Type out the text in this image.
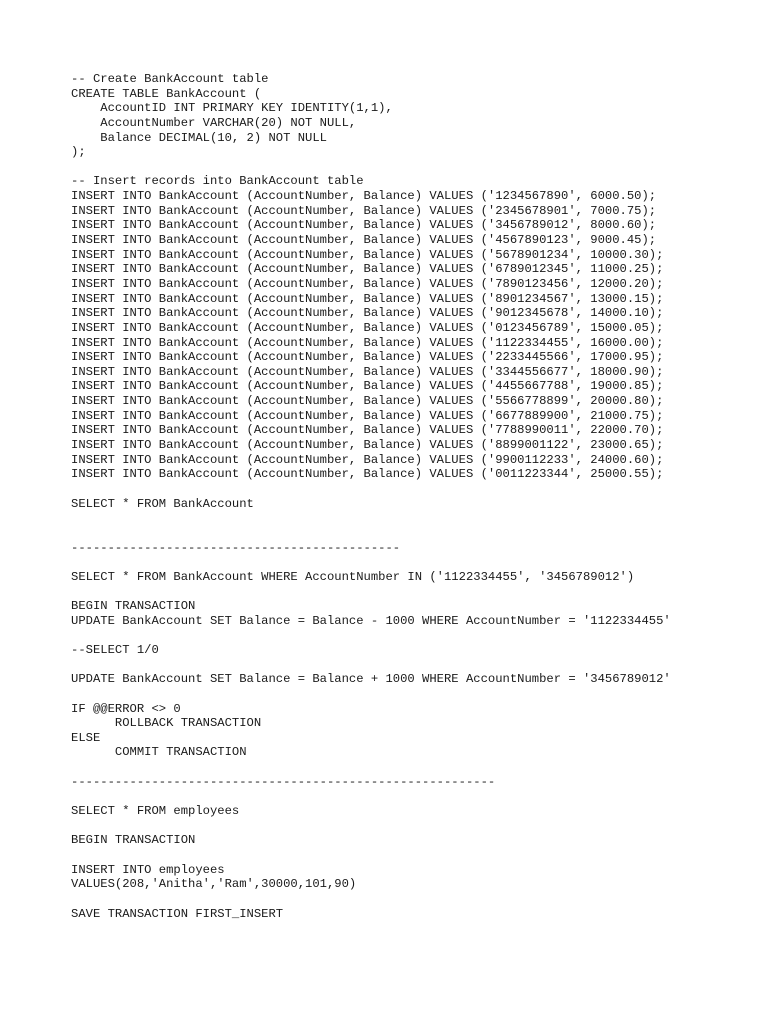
-- Create BankAccount table
CREATE TABLE BankAccount (
AccountID INT PRIMARY KEY IDENTITY(1,1),
AccountNumber VARCHAR(20) NOT NULL,
Balance DECIMAL(10, 2) NOT NULL
);
-- Insert records into BankAccount table
INSERT INTO BankAccount (AccountNumber, Balance) VALUES ('1234567890', 6000.50);
INSERT INTO BankAccount (AccountNumber, Balance) VALUES ('2345678901', 7000.75);
INSERT INTO BankAccount (AccountNumber, Balance) VALUES ('3456789012', 8000.60);
INSERT INTO BankAccount (AccountNumber, Balance) VALUES ('4567890123', 9000.45);
INSERT INTO BankAccount (AccountNumber, Balance) VALUES ('5678901234', 10000.30);
INSERT INTO BankAccount (AccountNumber, Balance) VALUES ('6789012345', 11000.25);
INSERT INTO BankAccount (AccountNumber, Balance) VALUES ('7890123456', 12000.20);
INSERT INTO BankAccount (AccountNumber, Balance) VALUES ('8901234567', 13000.15);
INSERT INTO BankAccount (AccountNumber, Balance) VALUES ('9012345678', 14000.10);
INSERT INTO BankAccount (AccountNumber, Balance) VALUES ('0123456789', 15000.05);
INSERT INTO BankAccount (AccountNumber, Balance) VALUES ('1122334455', 16000.00);
INSERT INTO BankAccount (AccountNumber, Balance) VALUES ('2233445566', 17000.95);
INSERT INTO BankAccount (AccountNumber, Balance) VALUES ('3344556677', 18000.90);
INSERT INTO BankAccount (AccountNumber, Balance) VALUES ('4455667788', 19000.85);
INSERT INTO BankAccount (AccountNumber, Balance) VALUES ('5566778899', 20000.80);
INSERT INTO BankAccount (AccountNumber, Balance) VALUES ('6677889900', 21000.75);
INSERT INTO BankAccount (AccountNumber, Balance) VALUES ('7788990011', 22000.70);
INSERT INTO BankAccount (AccountNumber, Balance) VALUES ('8899001122', 23000.65);
INSERT INTO BankAccount (AccountNumber, Balance) VALUES ('9900112233', 24000.60);
INSERT INTO BankAccount (AccountNumber, Balance) VALUES ('0011223344', 25000.55);
SELECT * FROM BankAccount
---------------------------------------------
SELECT * FROM BankAccount WHERE AccountNumber IN ('1122334455', '3456789012')
BEGIN TRANSACTION
UPDATE BankAccount SET Balance = Balance - 1000 WHERE AccountNumber = '1122334455'
--SELECT 1/0
UPDATE BankAccount SET Balance = Balance + 1000 WHERE AccountNumber = '3456789012'
IF @@ERROR <> 0
ROLLBACK TRANSACTION
ELSE
COMMIT TRANSACTION
----------------------------------------------------------
SELECT * FROM employees
BEGIN TRANSACTION
INSERT INTO employees
VALUES(208,'Anitha','Ram',30000,101,90)
SAVE TRANSACTION FIRST_INSERT
